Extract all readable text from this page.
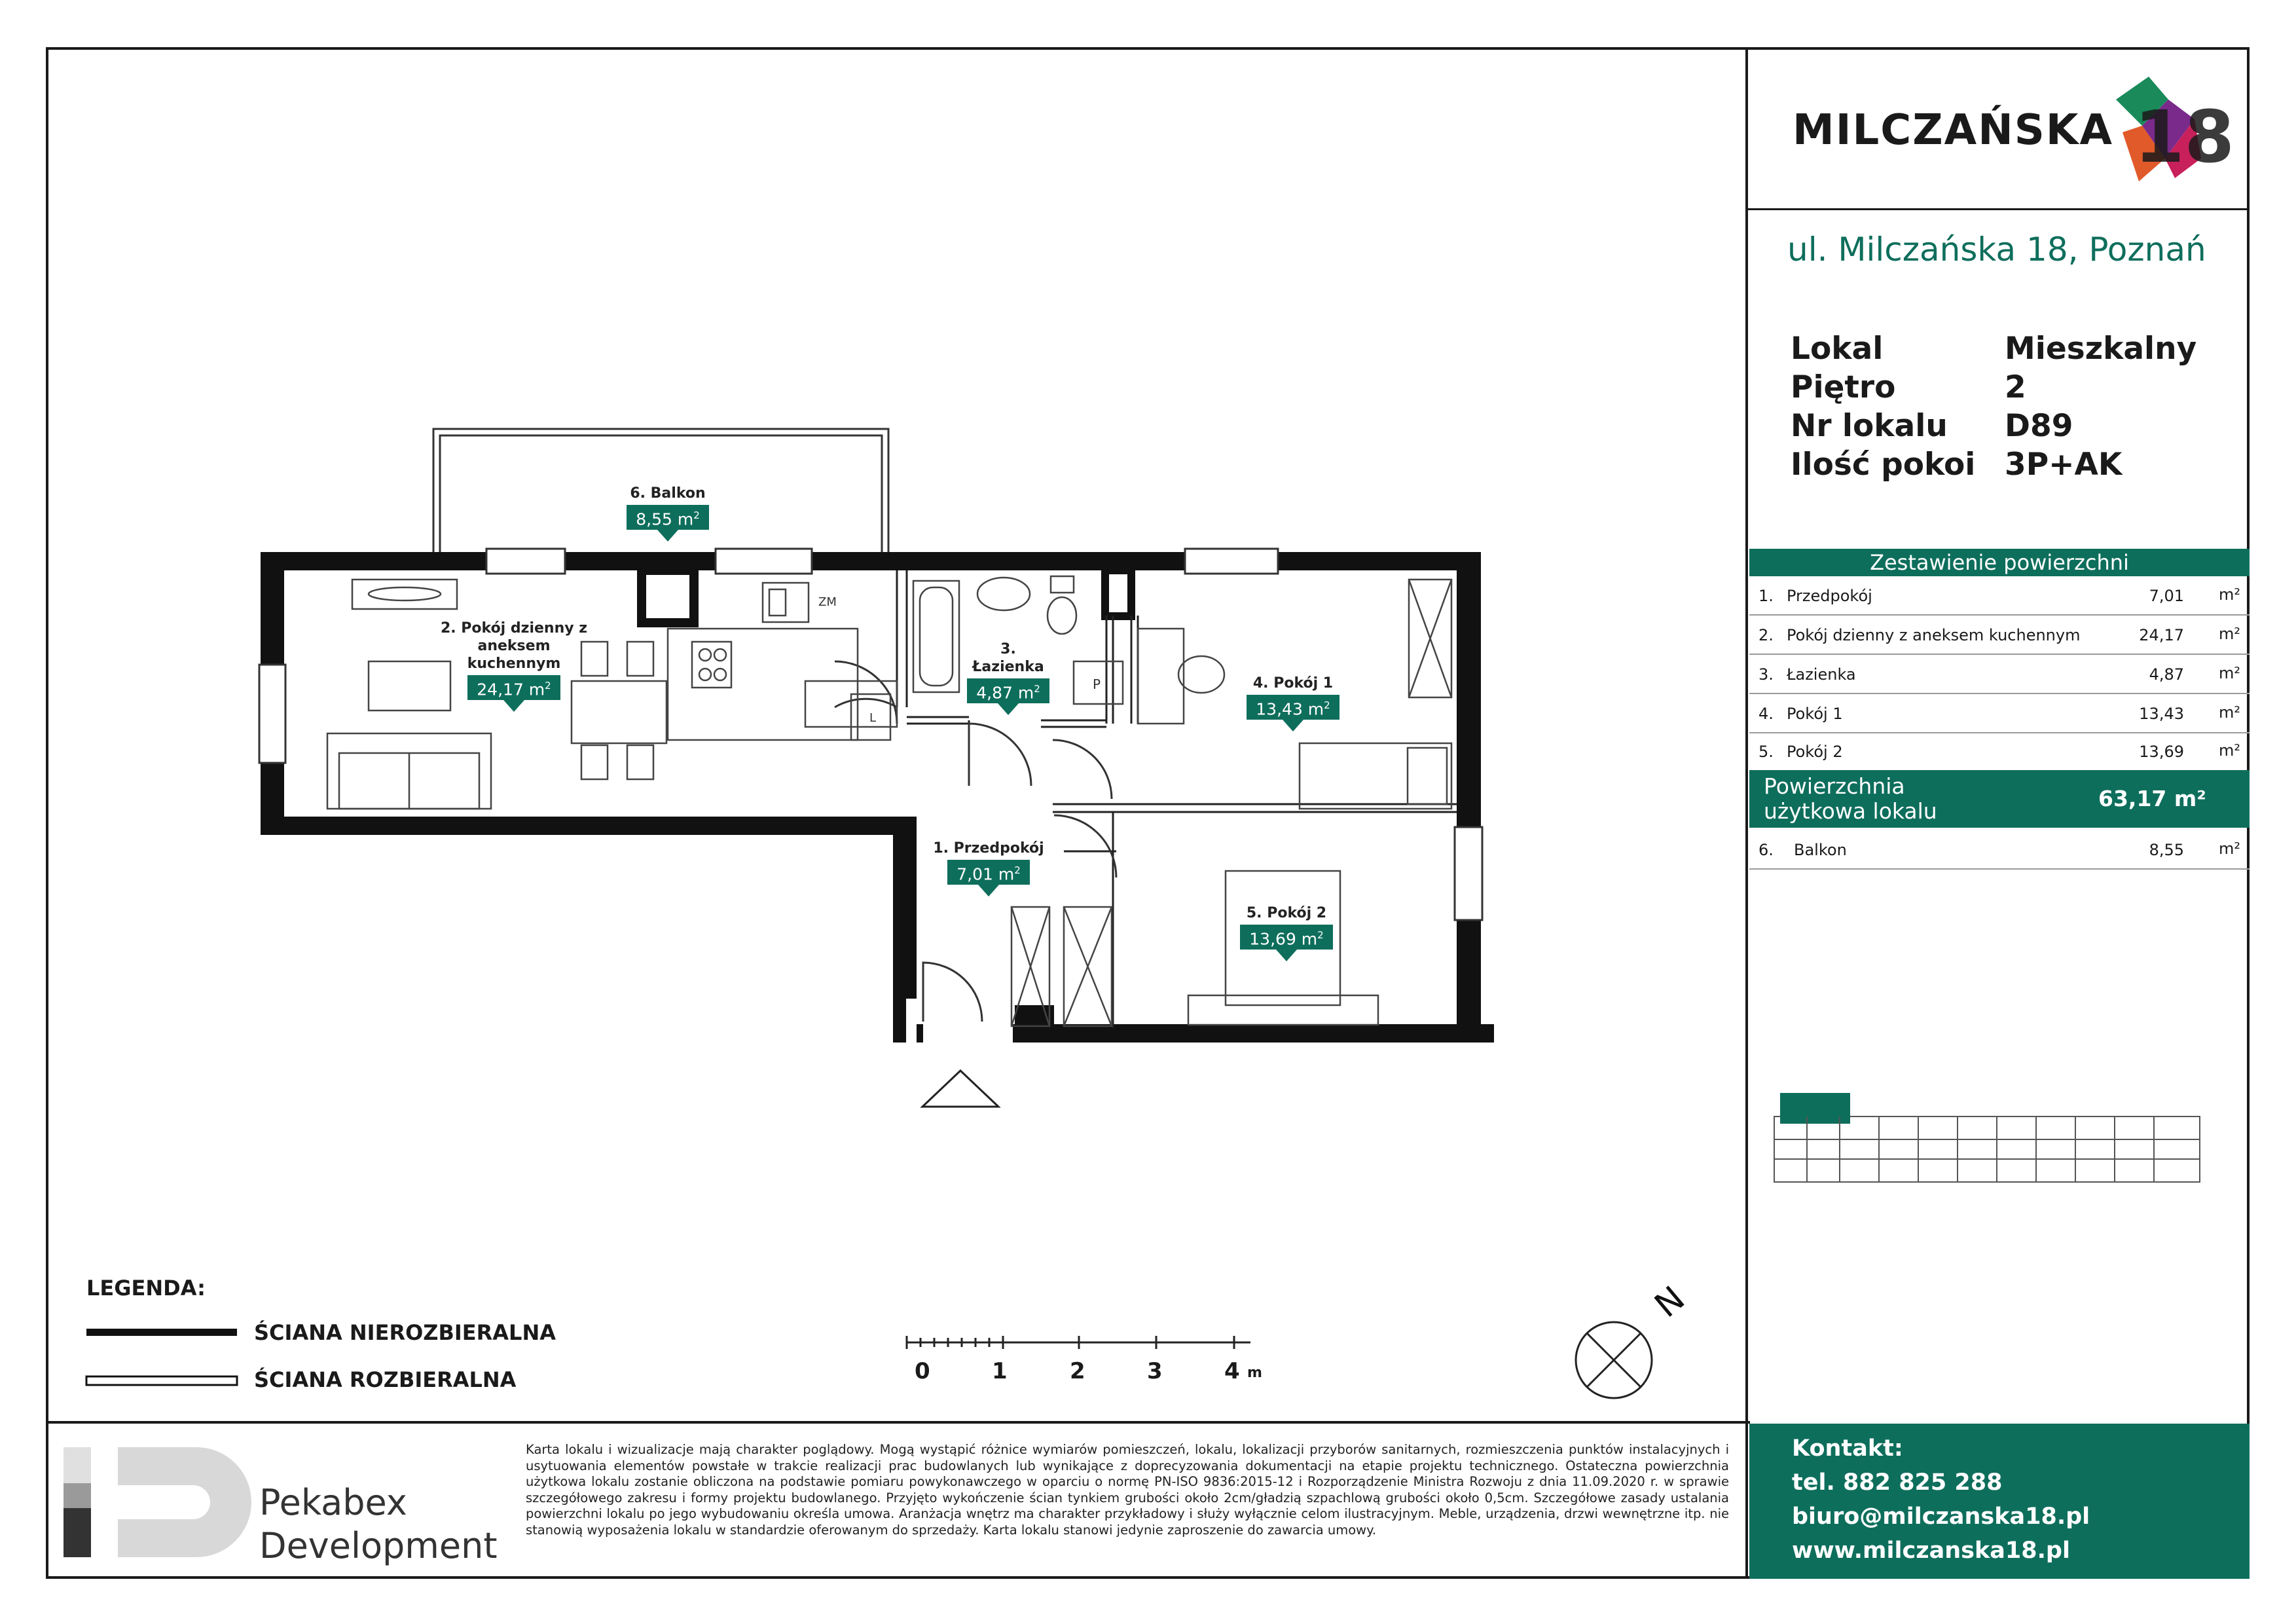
ZM
P
L
N
6. Balkon
8,55 $m^2$
2. Pokój dzienny z aneksem kuchennym
24,17 $m^2$
3. Łazienka
4,87 $m^2$	4. Pokój 1
13,43 $m^2$
1. Przedpokój
7,01 $m^2$
5. Pokój 2
13,69 $m^2$
MILCZAŃSKA 18
ul. Milczańska 18, Poznań
Lokal	Mieszkalny
Piętro	2
Nr lokalu D89
Ilość pokoi 3P+AK
Zestawienie powierzchni
1. Przedpokój	7,01 m²
2. Pokój dzienny z aneksem kuchennym	24,17 m²
3. Łazienka	4,87 m²
4. Pokój 1	13,43 m²
5. Pokój 2	13,69 m²
Powierzchnia użytkowa lokalu	63,17 m²
6. Balkon	8,55 m²
LEGENDA:
ŚCIANA NIEROZBIERALNA
ŚCIANA ROZBIERALNA	0	1	2	3	4 m
Pekabex
Development
Karta lokalu i wizualizacje mają charakter poglądowy. Mogą wystąpić różnice wymiarów pomieszczeń, lokalu, lokalizacji przyborów sanitarnych, rozmieszczenia punktów instalacyjnych i usytuowania elementów powstałe w trakcie realizacji prac budowlanych lub wynikające z doprecyzowania dokumentacji na etapie projektu technicznego. Ostateczna powierzchnia użytkowa lokalu zostanie obliczona na podstawie pomiaru powykonawczego w oparciu o normę PN-ISO 9836:2015-12 i Rozporządzenie Ministra Rozwoju z dnia 11.09.2020 r. w sprawie szczegółowego zakresu i formy projektu budowlanego. Przyjęto wykończenie ścian tynkiem grubości około 2cm/gładzią szpachlową grubości około 0,5cm. Szczegółowe zasady ustalania powierzchni lokalu po jego wybudowaniu określa umowa. Aranżacja wnętrz ma charakter przykładowy i służy wyłącznie celom ilustracyjnym. Meble, urządzenia, drzwi wewnętrzne itp. nie stanowią wyposażenia lokalu w standardzie oferowanym do sprzedaży. Karta lokalu stanowi jedynie zaproszenie do zawarcia umowy.
Kontakt:
tel. 882 825 288
biuro@milczanska18.pl
www.milczanska18.pl
